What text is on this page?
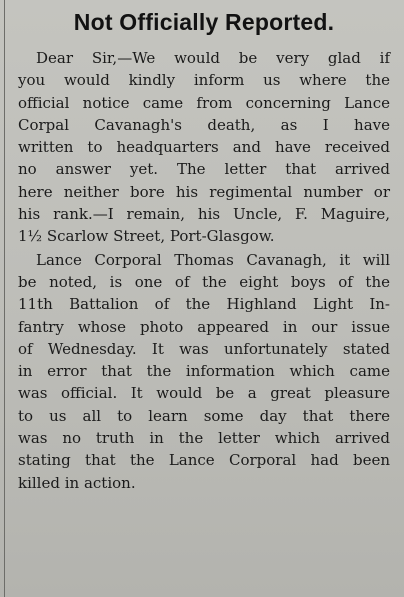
Not Officially Reported.
Dear Sir,—We would be very glad if
you would kindly inform us where the
official notice came from concerning Lance
Corpal Cavanagh's death, as I have
written to headquarters and have received
no answer yet. The letter that arrived
here neither bore his regimental number or
his rank.—I remain, his Uncle, F. Maguire,
1½ Scarlow Street, Port-Glasgow.
Lance Corporal Thomas Cavanagh, it will
be noted, is one of the eight boys of the
11th Battalion of the Highland Light In-
fantry whose photo appeared in our issue
of Wednesday. It was unfortunately stated
in error that the information which came
was official. It would be a great pleasure
to us all to learn some day that there
was no truth in the letter which arrived
stating that the Lance Corporal had been
killed in action.
